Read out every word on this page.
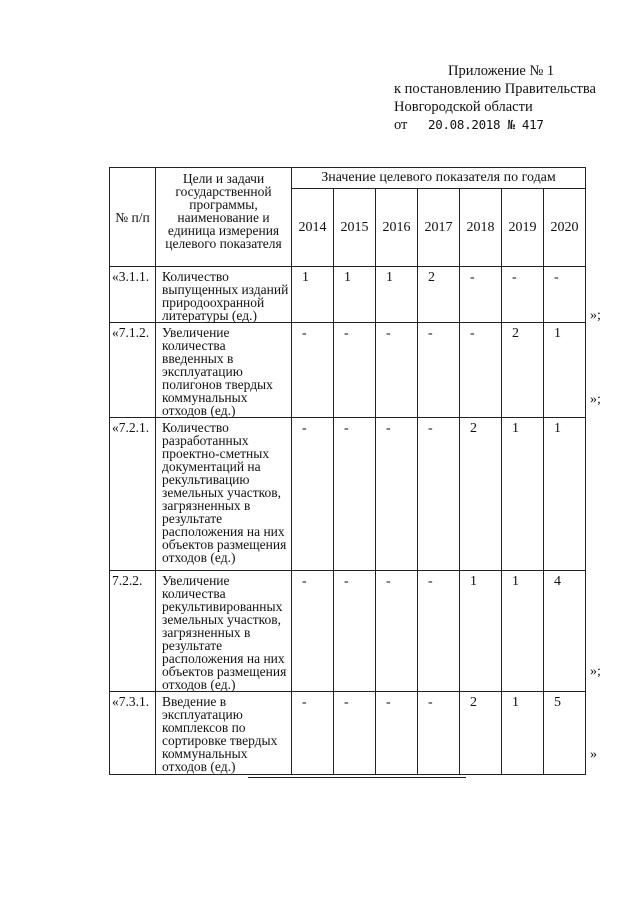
Приложение № 1
к постановлению Правительства
Новгородской области
от	20.08.2018 № 417
№ п/п	Цели и задачи государственной программы, наименование и единица измерения целевого показателя	Значение целевого показателя по годам						
		2014	2015	2016	2017	2018	2019	2020
«3.1.1.	Количество выпущенных изданий природоохранной литературы (ед.)	1	1	1	2	-	-	-
«7.1.2.	Увеличение количества введенных в эксплуатацию полигонов твердых коммунальных отходов (ед.)	-	-	-	-	-	2	1
«7.2.1.	Количество разработанных проектно-сметных документаций на рекультивацию земельных участков, загрязненных в результате расположения на них объектов размещения отходов (ед.)	-	-	-	-	2	1	1
7.2.2.	Увеличение количества рекультивированных земельных участков, загрязненных в результате расположения на них объектов размещения отходов (ед.)	-	-	-	-	1	1	4
«7.3.1.	Введение в эксплуатацию комплексов по сортировке твердых коммунальных отходов (ед.)	-	-	-	-	2	1	5
»;
»;
»;
»
